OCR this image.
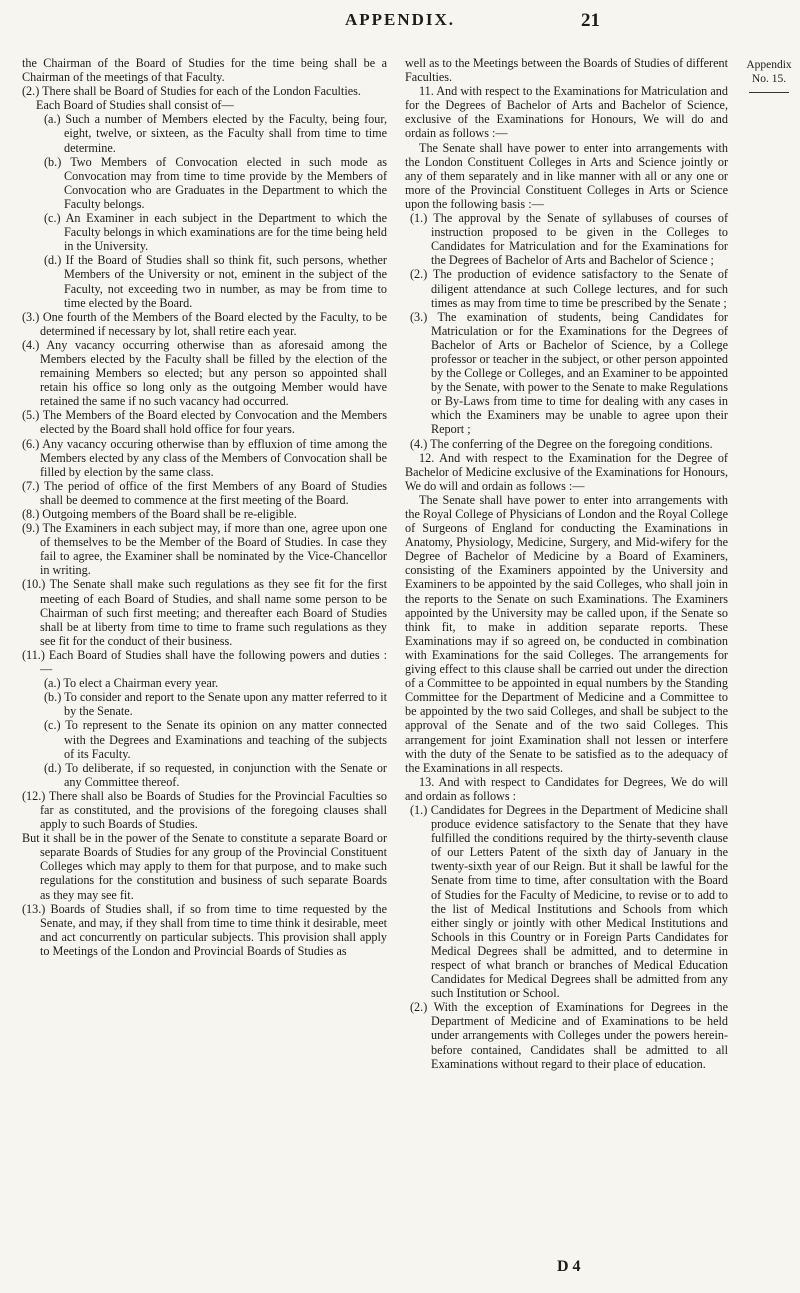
APPENDIX.	21

the Chairman of the Board of Studies for the time being shall be a Chairman of the meetings of that Faculty.

(2.) There shall be Board of Studies for each of the London Faculties.

Each Board of Studies shall consist of—

(a.) Such a number of Members elected by the Faculty, being four, eight, twelve, or sixteen, as the Faculty shall from time to time determine.

(b.) Two Members of Convocation elected in such mode as Convocation may from time to time provide by the Members of Convocation who are Graduates in the Department to which the Faculty belongs.

(c.) An Examiner in each subject in the Department to which the Faculty belongs in which examinations are for the time being held in the University.

(d.) If the Board of Studies shall so think fit, such persons, whether Members of the University or not, eminent in the subject of the Faculty, not exceeding two in number, as may be from time to time elected by the Board.

(3.) One fourth of the Members of the Board elected by the Faculty, to be determined if necessary by lot, shall retire each year.

(4.) Any vacancy occurring otherwise than as aforesaid among the Members elected by the Faculty shall be filled by the election of the remaining Members so elected; but any person so appointed shall retain his office so long only as the outgoing Member would have retained the same if no such vacancy had occurred.

(5.) The Members of the Board elected by Convocation and the Members elected by the Board shall hold office for four years.

(6.) Any vacancy occuring otherwise than by effluxion of time among the Members elected by any class of the Members of Convocation shall be filled by election by the same class.

(7.) The period of office of the first Members of any Board of Studies shall be deemed to commence at the first meeting of the Board.

(8.) Outgoing members of the Board shall be re-eligible.

(9.) The Examiners in each subject may, if more than one, agree upon one of themselves to be the Member of the Board of Studies. In case they fail to agree, the Examiner shall be nominated by the Vice-Chancellor in writing.

(10.) The Senate shall make such regulations as they see fit for the first meeting of each Board of Studies, and shall name some person to be Chairman of such first meeting; and thereafter each Board of Studies shall be at liberty from time to time to frame such regulations as they see fit for the conduct of their business.

(11.) Each Board of Studies shall have the following powers and duties :—

(a.) To elect a Chairman every year.

(b.) To consider and report to the Senate upon any matter referred to it by the Senate.

(c.) To represent to the Senate its opinion on any matter connected with the Degrees and Examinations and teaching of the subjects of its Faculty.

(d.) To deliberate, if so requested, in conjunction with the Senate or any Committee thereof.

(12.) There shall also be Boards of Studies for the Provincial Faculties so far as constituted, and the provisions of the foregoing clauses shall apply to such Boards of Studies.

But it shall be in the power of the Senate to constitute a separate Board or separate Boards of Studies for any group of the Provincial Constituent Colleges which may apply to them for that purpose, and to make such regulations for the constitution and business of such separate Boards as they may see fit.

(13.) Boards of Studies shall, if so from time to time requested by the Senate, and may, if they shall from time to time think it desirable, meet and act concurrently on particular subjects. This provision shall apply to Meetings of the London and Provincial Boards of Studies as

well as to the Meetings between the Boards of Studies of different Faculties.

11. And with respect to the Examinations for Matriculation and for the Degrees of Bachelor of Arts and Bachelor of Science, exclusive of the Examinations for Honours, We will do and ordain as follows :—

The Senate shall have power to enter into arrangements with the London Constituent Colleges in Arts and Science jointly or any of them separately and in like manner with all or any one or more of the Provincial Constituent Colleges in Arts or Science upon the following basis :—

(1.) The approval by the Senate of syllabuses of courses of instruction proposed to be given in the Colleges to Candidates for Matriculation and for the Examinations for the Degrees of Bachelor of Arts and Bachelor of Science ;

(2.) The production of evidence satisfactory to the Senate of diligent attendance at such College lectures, and for such times as may from time to time be prescribed by the Senate ;

(3.) The examination of students, being Candidates for Matriculation or for the Examinations for the Degrees of Bachelor of Arts or Bachelor of Science, by a College professor or teacher in the subject, or other person appointed by the College or Colleges, and an Examiner to be appointed by the Senate, with power to the Senate to make Regulations or By-Laws from time to time for dealing with any cases in which the Examiners may be unable to agree upon their Report ;

(4.) The conferring of the Degree on the foregoing conditions.

12. And with respect to the Examination for the Degree of Bachelor of Medicine exclusive of the Examinations for Honours, We do will and ordain as follows :—

The Senate shall have power to enter into arrangements with the Royal College of Physicians of London and the Royal College of Surgeons of England for conducting the Examinations in Anatomy, Physiology, Medicine, Surgery, and Mid-wifery for the Degree of Bachelor of Medicine by a Board of Examiners, consisting of the Examiners appointed by the University and Examiners to be appointed by the said Colleges, who shall join in the reports to the Senate on such Examinations. The Examiners appointed by the University may be called upon, if the Senate so think fit, to make in addition separate reports. These Examinations may if so agreed on, be conducted in combination with Examinations for the said Colleges. The arrangements for giving effect to this clause shall be carried out under the direction of a Committee to be appointed in equal numbers by the Standing Committee for the Department of Medicine and a Committee to be appointed by the two said Colleges, and shall be subject to the approval of the Senate and of the two said Colleges. This arrangement for joint Examination shall not lessen or interfere with the duty of the Senate to be satisfied as to the adequacy of the Examinations in all respects.

13. And with respect to Candidates for Degrees, We do will and ordain as follows :

(1.) Candidates for Degrees in the Department of Medicine shall produce evidence satisfactory to the Senate that they have fulfilled the conditions required by the thirty-seventh clause of our Letters Patent of the sixth day of January in the twenty-sixth year of our Reign. But it shall be lawful for the Senate from time to time, after consultation with the Board of Studies for the Faculty of Medicine, to revise or to add to the list of Medical Institutions and Schools from which either singly or jointly with other Medical Institutions and Schools in this Country or in Foreign Parts Candidates for Medical Degrees shall be admitted, and to determine in respect of what branch or branches of Medical Education Candidates for Medical Degrees shall be admitted from any such Institution or School.

(2.) With the exception of Examinations for Degrees in the Department of Medicine and of Examinations to be held under arrangements with Colleges under the powers herein-before contained, Candidates shall be admitted to all Examinations without regard to their place of education.

Appendix
No. 15.
D 4
